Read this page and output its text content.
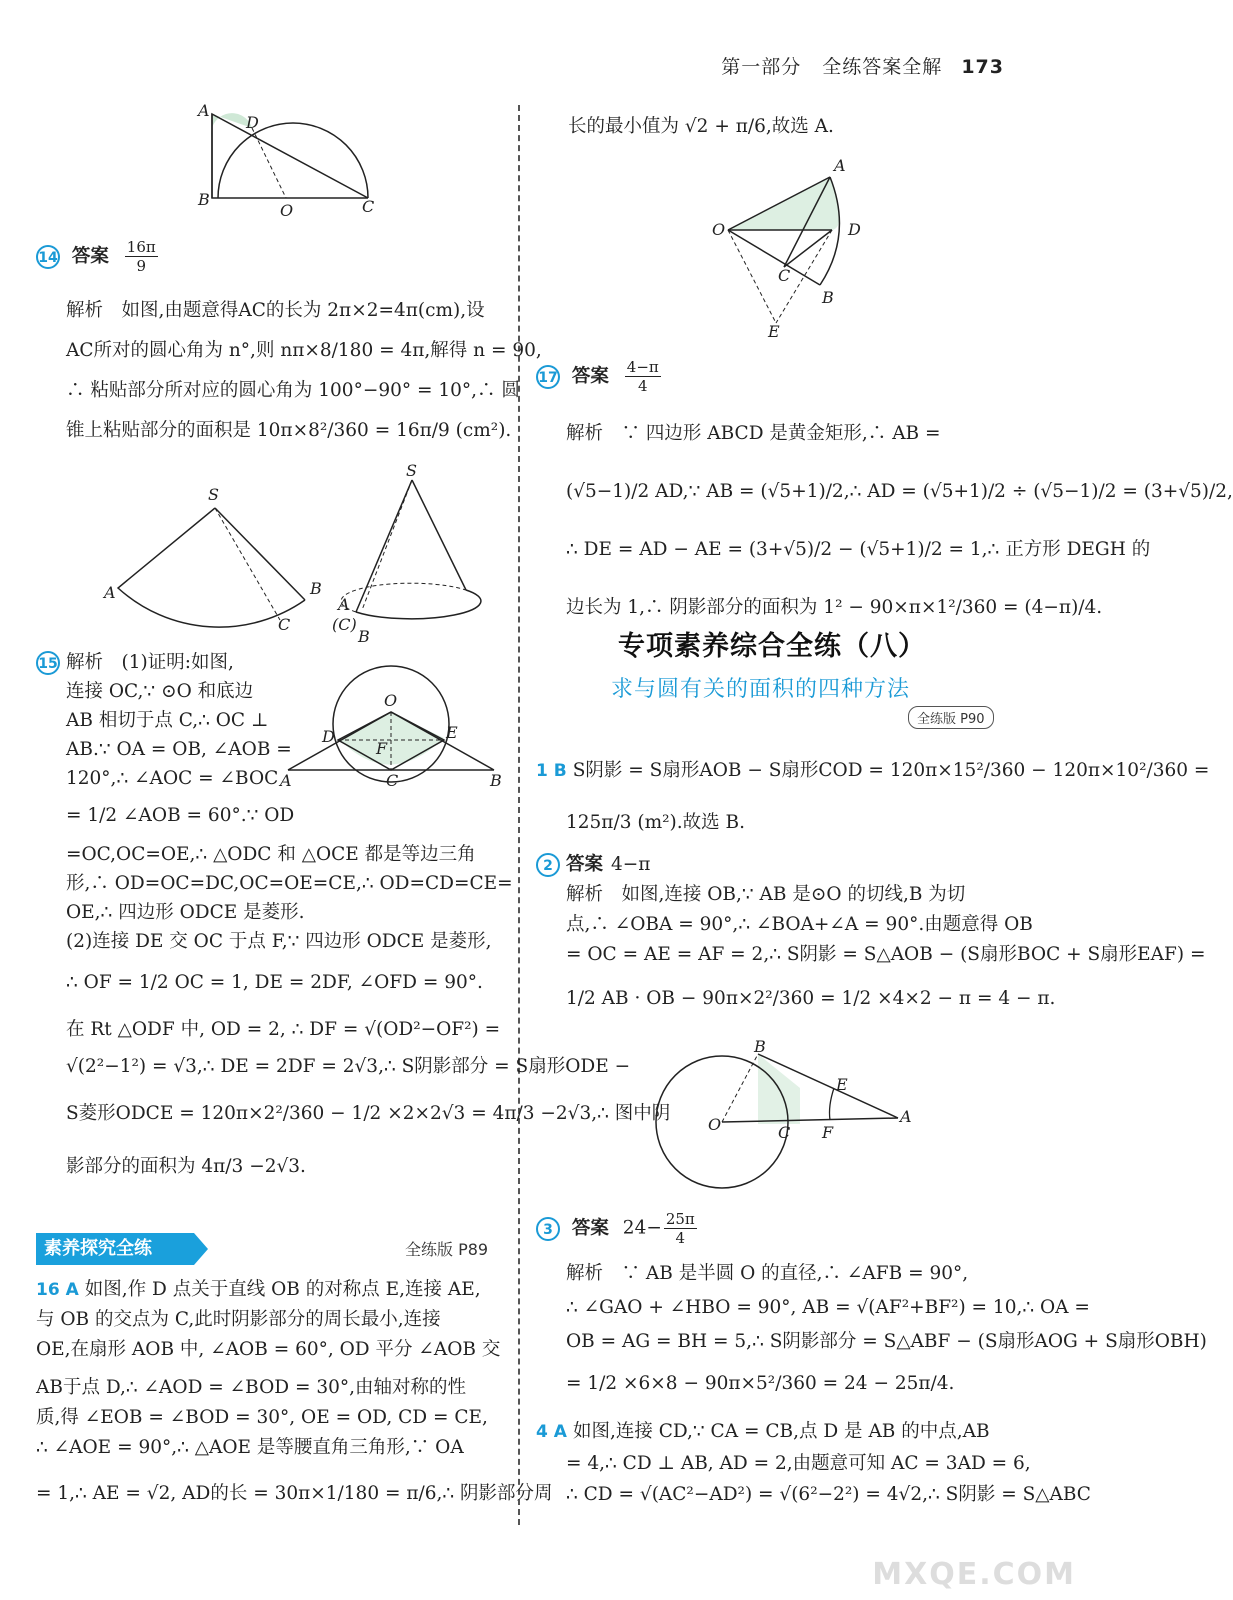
第一部分 全练答案全解 173
A
D
B
O	C
14 答案 $\frac{16\pi}{9}$

解析　如图,由题意得AC的长为 2π×2=4π(cm),设

AC所对的圆心角为 n°,则 nπ×8/180 = 4π,解得 n = 90,

∴ 粘贴部分所对应的圆心角为 100°−90° = 10°,∴ 圆

锥上粘贴部分的面积是 10π×8²/360 = 16π/9 (cm²).

S
A	B
C
S
A
(C)
B

15 解析　(1)证明:如图,

连接 OC,∵ ⊙O 和底边

AB 相切于点 C,∴ OC ⊥

AB.∵ OA = OB, ∠AOB =

120°,∴ ∠AOC = ∠BOC

= 1/2 ∠AOB = 60°.∵ OD

=OC,OC=OE,∴ △ODC 和 △OCE 都是等边三角

形,∴ OD=OC=DC,OC=OE=CE,∴ OD=CD=CE=

OE,∴ 四边形 ODCE 是菱形.

(2)连接 DE 交 OC 于点 F,∵ 四边形 ODCE 是菱形,

∴ OF = 1/2 OC = 1, DE = 2DF, ∠OFD = 90°.

在 Rt △ODF 中, OD = 2, ∴ DF = √(OD²−OF²) =

√(2²−1²) = √3,∴ DE = 2DF = 2√3,∴ S阴影部分 = S扇形ODE −

S菱形ODCE = 120π×2²/360 − 1/2 ×2×2√3 = 4π/3 −2√3,∴ 图中阴

影部分的面积为 4π/3 −2√3.

O
D	E
F
A	C	B
素养探究全练	全练版 P89

16 A 如图,作 D 点关于直线 OB 的对称点 E,连接 AE,

与 OB 的交点为 C,此时阴影部分的周长最小,连接

OE,在扇形 AOB 中, ∠AOB = 60°, OD 平分 ∠AOB 交

AB于点 D,∴ ∠AOD = ∠BOD = 30°,由轴对称的性

质,得 ∠EOB = ∠BOD = 30°, OE = OD, CD = CE,

∴ ∠AOE = 90°,∴ △AOE 是等腰直角三角形,∵ OA

= 1,∴ AE = √2, AD的长 = 30π×1/180 = π/6,∴ 阴影部分周

长的最小值为 √2 + π/6,故选 A.
A
O	D
C
B
E
17 答案 $\frac{4-\pi}{4}$

解析　∵ 四边形 ABCD 是黄金矩形,∴ AB =

(√5−1)/2 AD,∵ AB = (√5+1)/2,∴ AD = (√5+1)/2 ÷ (√5−1)/2 = (3+√5)/2,

∴ DE = AD − AE = (3+√5)/2 − (√5+1)/2 = 1,∴ 正方形 DEGH 的

边长为 1,∴ 阴影部分的面积为 1² − 90×π×1²/360 = (4−π)/4.

专项素养综合全练（八）
求与圆有关的面积的四种方法
全练版 P90

1 B S阴影 = S扇形AOB − S扇形COD = 120π×15²/360 − 120π×10²/360 =

125π/3 (m²).故选 B.

2 答案 4−π

解析　如图,连接 OB,∵ AB 是⊙O 的切线,B 为切

点,∴ ∠OBA = 90°,∴ ∠BOA+∠A = 90°.由题意得 OB

= OC = AE = AF = 2,∴ S阴影 = S△AOB − (S扇形BOC + S扇形EAF) =

1/2 AB · OB − 90π×2²/360 = 1/2 ×4×2 − π = 4 − π.

B
E
O	C F
A
3 答案 $24- \frac{25\pi}{4}$

解析　∵ AB 是半圆 O 的直径,∴ ∠AFB = 90°,

∴ ∠GAO + ∠HBO = 90°, AB = √(AF²+BF²) = 10,∴ OA =

OB = AG = BH = 5,∴ S阴影部分 = S△ABF − (S扇形AOG + S扇形OBH)

= 1/2 ×6×8 − 90π×5²/360 = 24 − 25π/4.

4 A 如图,连接 CD,∵ CA = CB,点 D 是 AB 的中点,AB

= 4,∴ CD ⊥ AB, AD = 2,由题意可知 AC = 3AD = 6,

∴ CD = √(AC²−AD²) = √(6²−2²) = 4√2,∴ S阴影 = S△ABC

MXQE.COM
